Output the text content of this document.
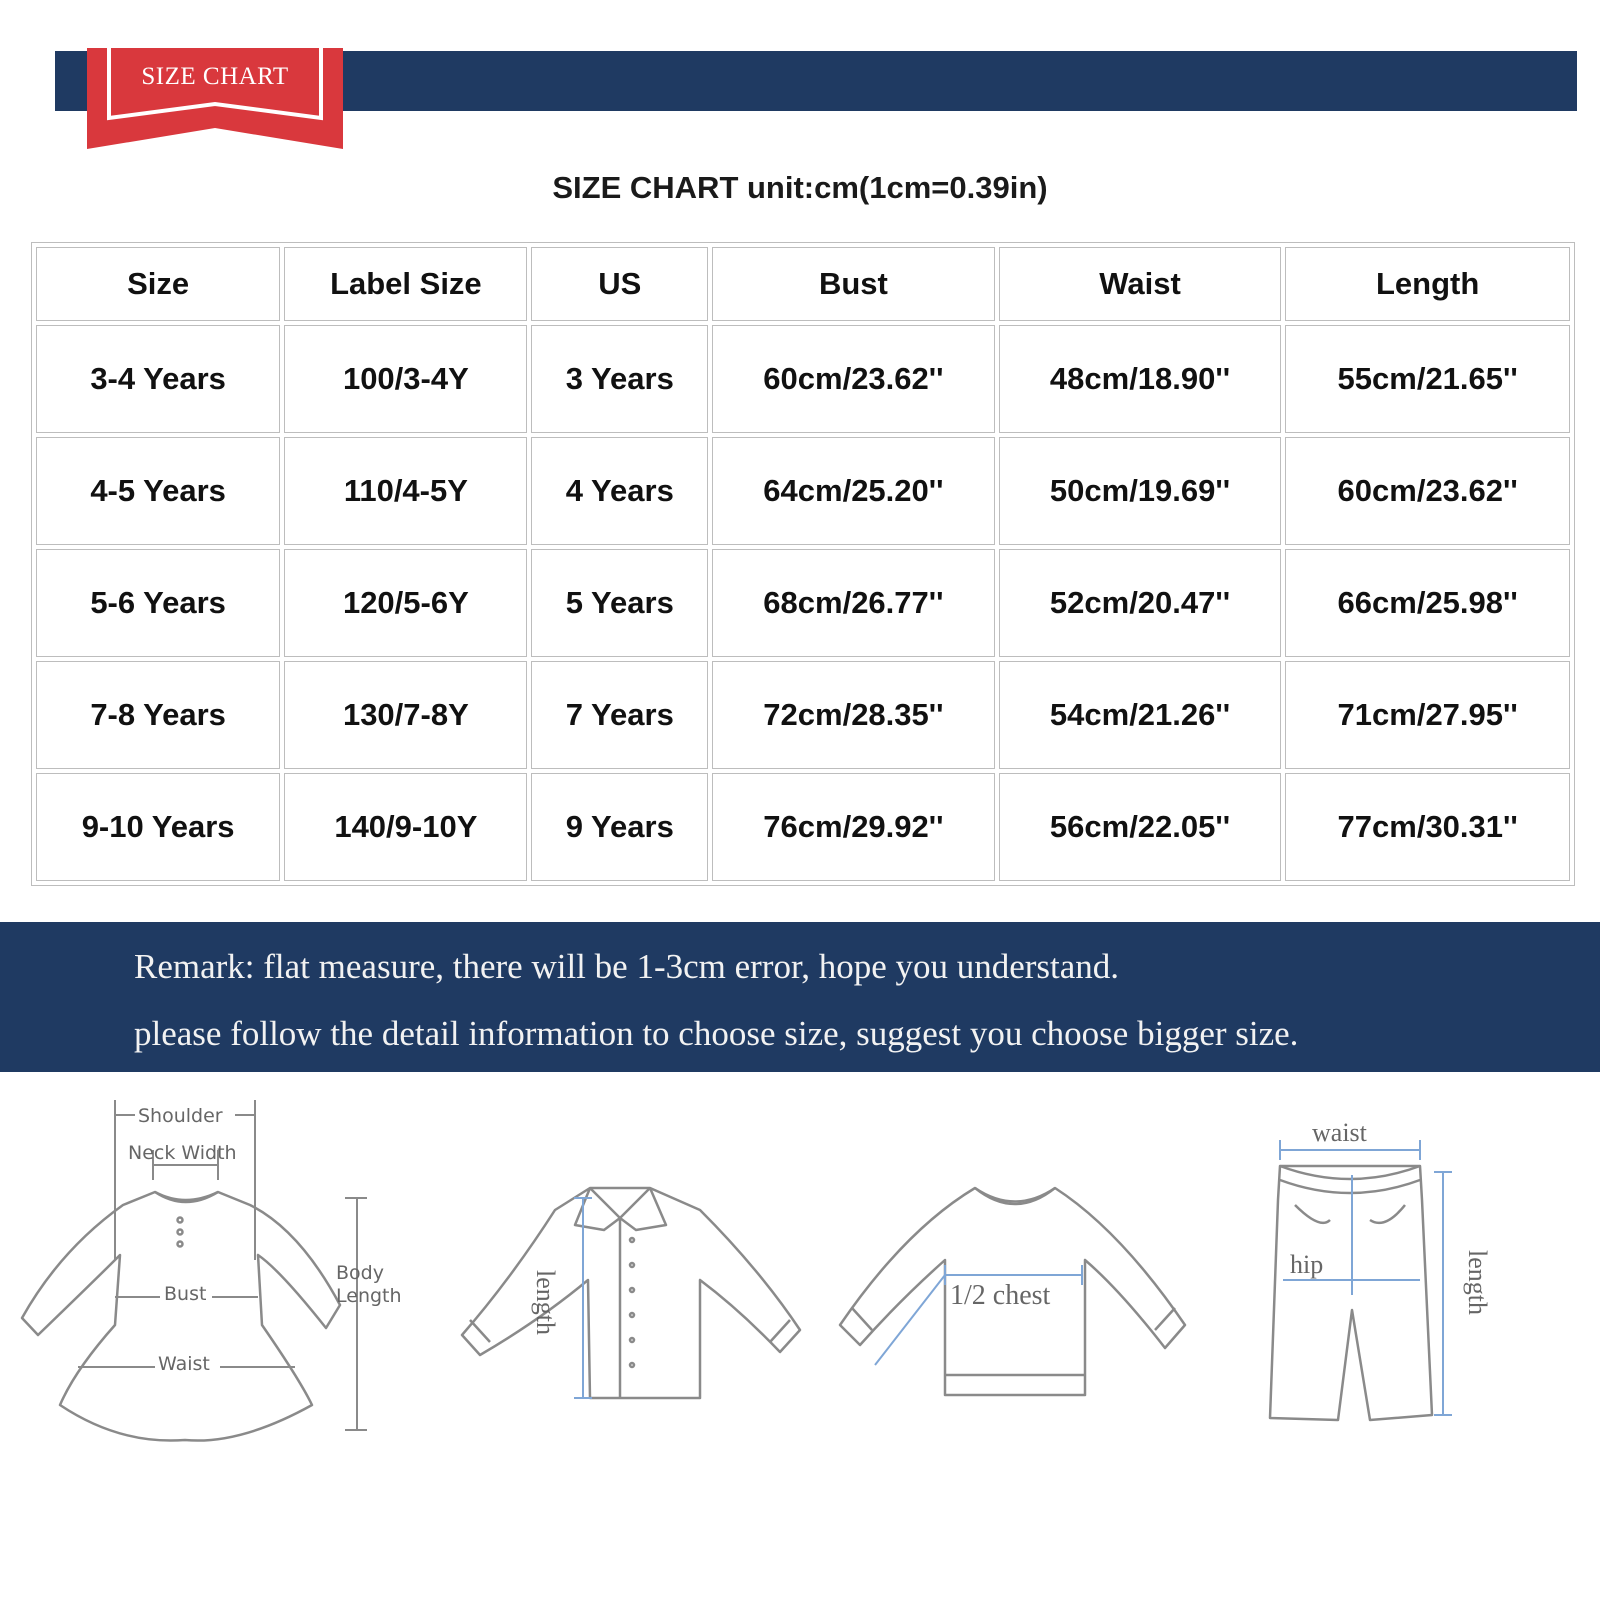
SIZE CHART
SIZE CHART unit:cm(1cm=0.39in)
Size	Label Size	US	Bust	Waist	Length
3-4 Years	100/3-4Y	3 Years	60cm/23.62''	48cm/18.90''	55cm/21.65''
4-5 Years	110/4-5Y	4 Years	64cm/25.20''	50cm/19.69''	60cm/23.62''
5-6 Years	120/5-6Y	5 Years	68cm/26.77''	52cm/20.47''	66cm/25.98''
7-8 Years	130/7-8Y	7 Years	72cm/28.35''	54cm/21.26''	71cm/27.95''
9-10 Years	140/9-10Y	9 Years	76cm/29.92''	56cm/22.05''	77cm/30.31''
Remark: flat measure, there will be 1-3cm error, hope you understand.
please follow the detail information to choose size, suggest you choose bigger size.
Shoulder
Neck Width
Bust
Waist
Body
Length	length	1/2 chest
waist
hip	length
